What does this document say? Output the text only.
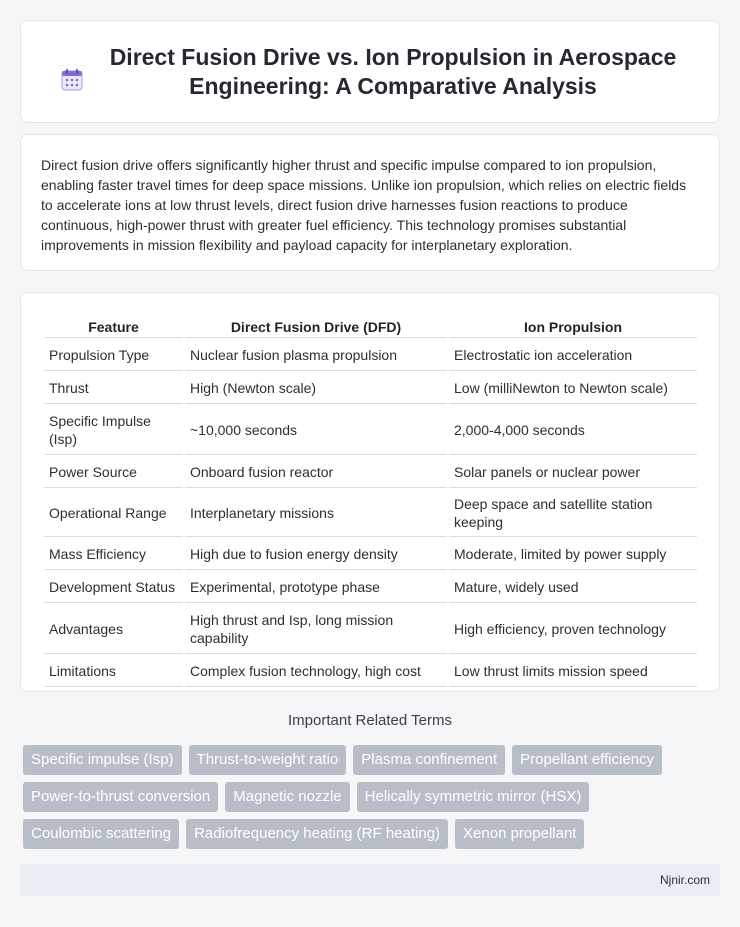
Direct Fusion Drive vs. Ion Propulsion in Aerospace Engineering: A Comparative Analysis

Direct fusion drive offers significantly higher thrust and specific impulse compared to ion propulsion, enabling faster travel times for deep space missions. Unlike ion propulsion, which relies on electric fields to accelerate ions at low thrust levels, direct fusion drive harnesses fusion reactions to produce continuous, high-power thrust with greater fuel efficiency. This technology promises substantial improvements in mission flexibility and payload capacity for interplanetary exploration.

Feature	Direct Fusion Drive (DFD)	Ion Propulsion
Propulsion Type	Nuclear fusion plasma propulsion	Electrostatic ion acceleration
Thrust	High (Newton scale)	Low (milliNewton to Newton scale)
Specific Impulse (Isp)	~10,000 seconds	2,000-4,000 seconds
Power Source	Onboard fusion reactor	Solar panels or nuclear power
Operational Range	Interplanetary missions	Deep space and satellite station keeping
Mass Efficiency	High due to fusion energy density	Moderate, limited by power supply
Development Status	Experimental, prototype phase	Mature, widely used
Advantages	High thrust and Isp, long mission capability	High efficiency, proven technology
Limitations	Complex fusion technology, high cost	Low thrust limits mission speed
Important Related Terms
Specific impulse (Isp)	Thrust-to-weight ratio	Plasma confinement	Propellant efficiency
Power-to-thrust conversion	Magnetic nozzle	Helically symmetric mirror (HSX)
Coulombic scattering	Radiofrequency heating (RF heating)	Xenon propellant
Njnir.com
